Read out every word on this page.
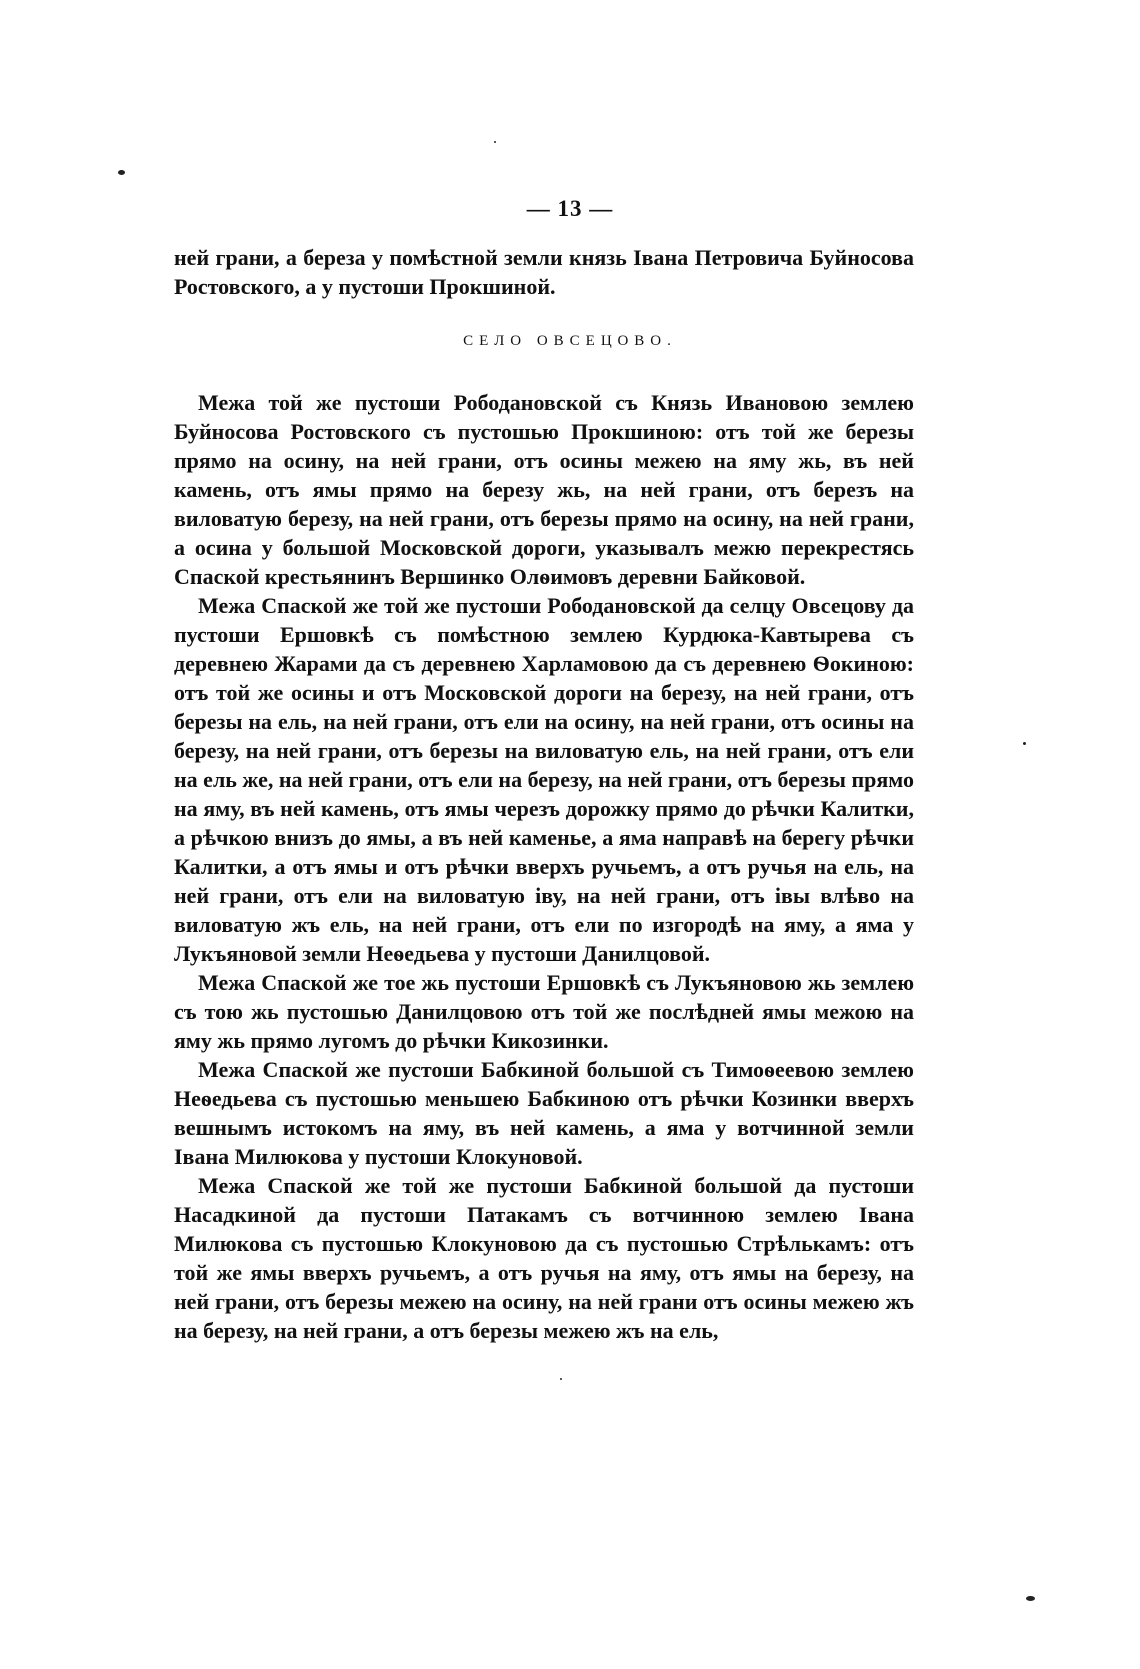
— 13 —

ней грани, а береза у помѣстной земли князь Івана Петровича Буйносова Ростовского, а у пустоши Прокшиной.

СЕЛО ОВСЕЦОВО.

Межа той же пустоши Рободановской съ Князь Ивановою землею Буйносова Ростовского съ пустошью Прокшиною: отъ той же березы прямо на осину, на ней грани, отъ осины межею на яму жь, въ ней камень, отъ ямы прямо на березу жь, на ней грани, отъ березъ на виловатую березу, на ней грани, отъ березы прямо на осину, на ней грани, а осина у большой Московской дороги, указывалъ межю перекрестясь Спаской крестьянинъ Вершинко Олѳимовъ деревни Байковой.

Межа Спаской же той же пустоши Рободановской да селцу Овсецову да пустоши Ершовкѣ съ помѣстною землею Курдюка-Кавтырева съ деревнею Жарами да съ деревнею Харламовою да съ деревнею Ѳокиною: отъ той же осины и отъ Московской дороги на березу, на ней грани, отъ березы на ель, на ней грани, отъ ели на осину, на ней грани, отъ осины на березу, на ней грани, отъ березы на виловатую ель, на ней грани, отъ ели на ель же, на ней грани, отъ ели на березу, на ней грани, отъ березы прямо на яму, въ ней камень, отъ ямы черезъ дорожку прямо до рѣчки Калитки, а рѣчкою внизъ до ямы, а въ ней каменье, а яма направѣ на берегу рѣчки Калитки, а отъ ямы и отъ рѣчки вверхъ ручьемъ, а отъ ручья на ель, на ней грани, отъ ели на виловатую іву, на ней грани, отъ івы влѣво на виловатую жъ ель, на ней грани, отъ ели по изгородѣ на яму, а яма у Лукъяновой земли Неѳедьева у пустоши Данилцовой.

Межа Спаской же тое жь пустоши Ершовкѣ съ Лукъяновою жь землею съ тою жь пустошью Данилцовою отъ той же послѣдней ямы межою на яму жь прямо лугомъ до рѣчки Кикозинки.

Межа Спаской же пустоши Бабкиной большой съ Тимоѳеевою землею Неѳедьева съ пустошью меньшею Бабкиною отъ рѣчки Козинки вверхъ вешнымъ истокомъ на яму, въ ней камень, а яма у вотчинной земли Івана Милюкова у пустоши Клокуновой.

Межа Спаской же той же пустоши Бабкиной большой да пустоши Насадкиной да пустоши Патакамъ съ вотчинною землею Івана Милюкова съ пустошью Клокуновою да съ пустошью Стрѣлькамъ: отъ той же ямы вверхъ ручьемъ, а отъ ручья на яму, отъ ямы на березу, на ней грани, отъ березы межею на осину, на ней грани отъ осины межею жъ на березу, на ней грани, а отъ березы межею жъ на ель,
